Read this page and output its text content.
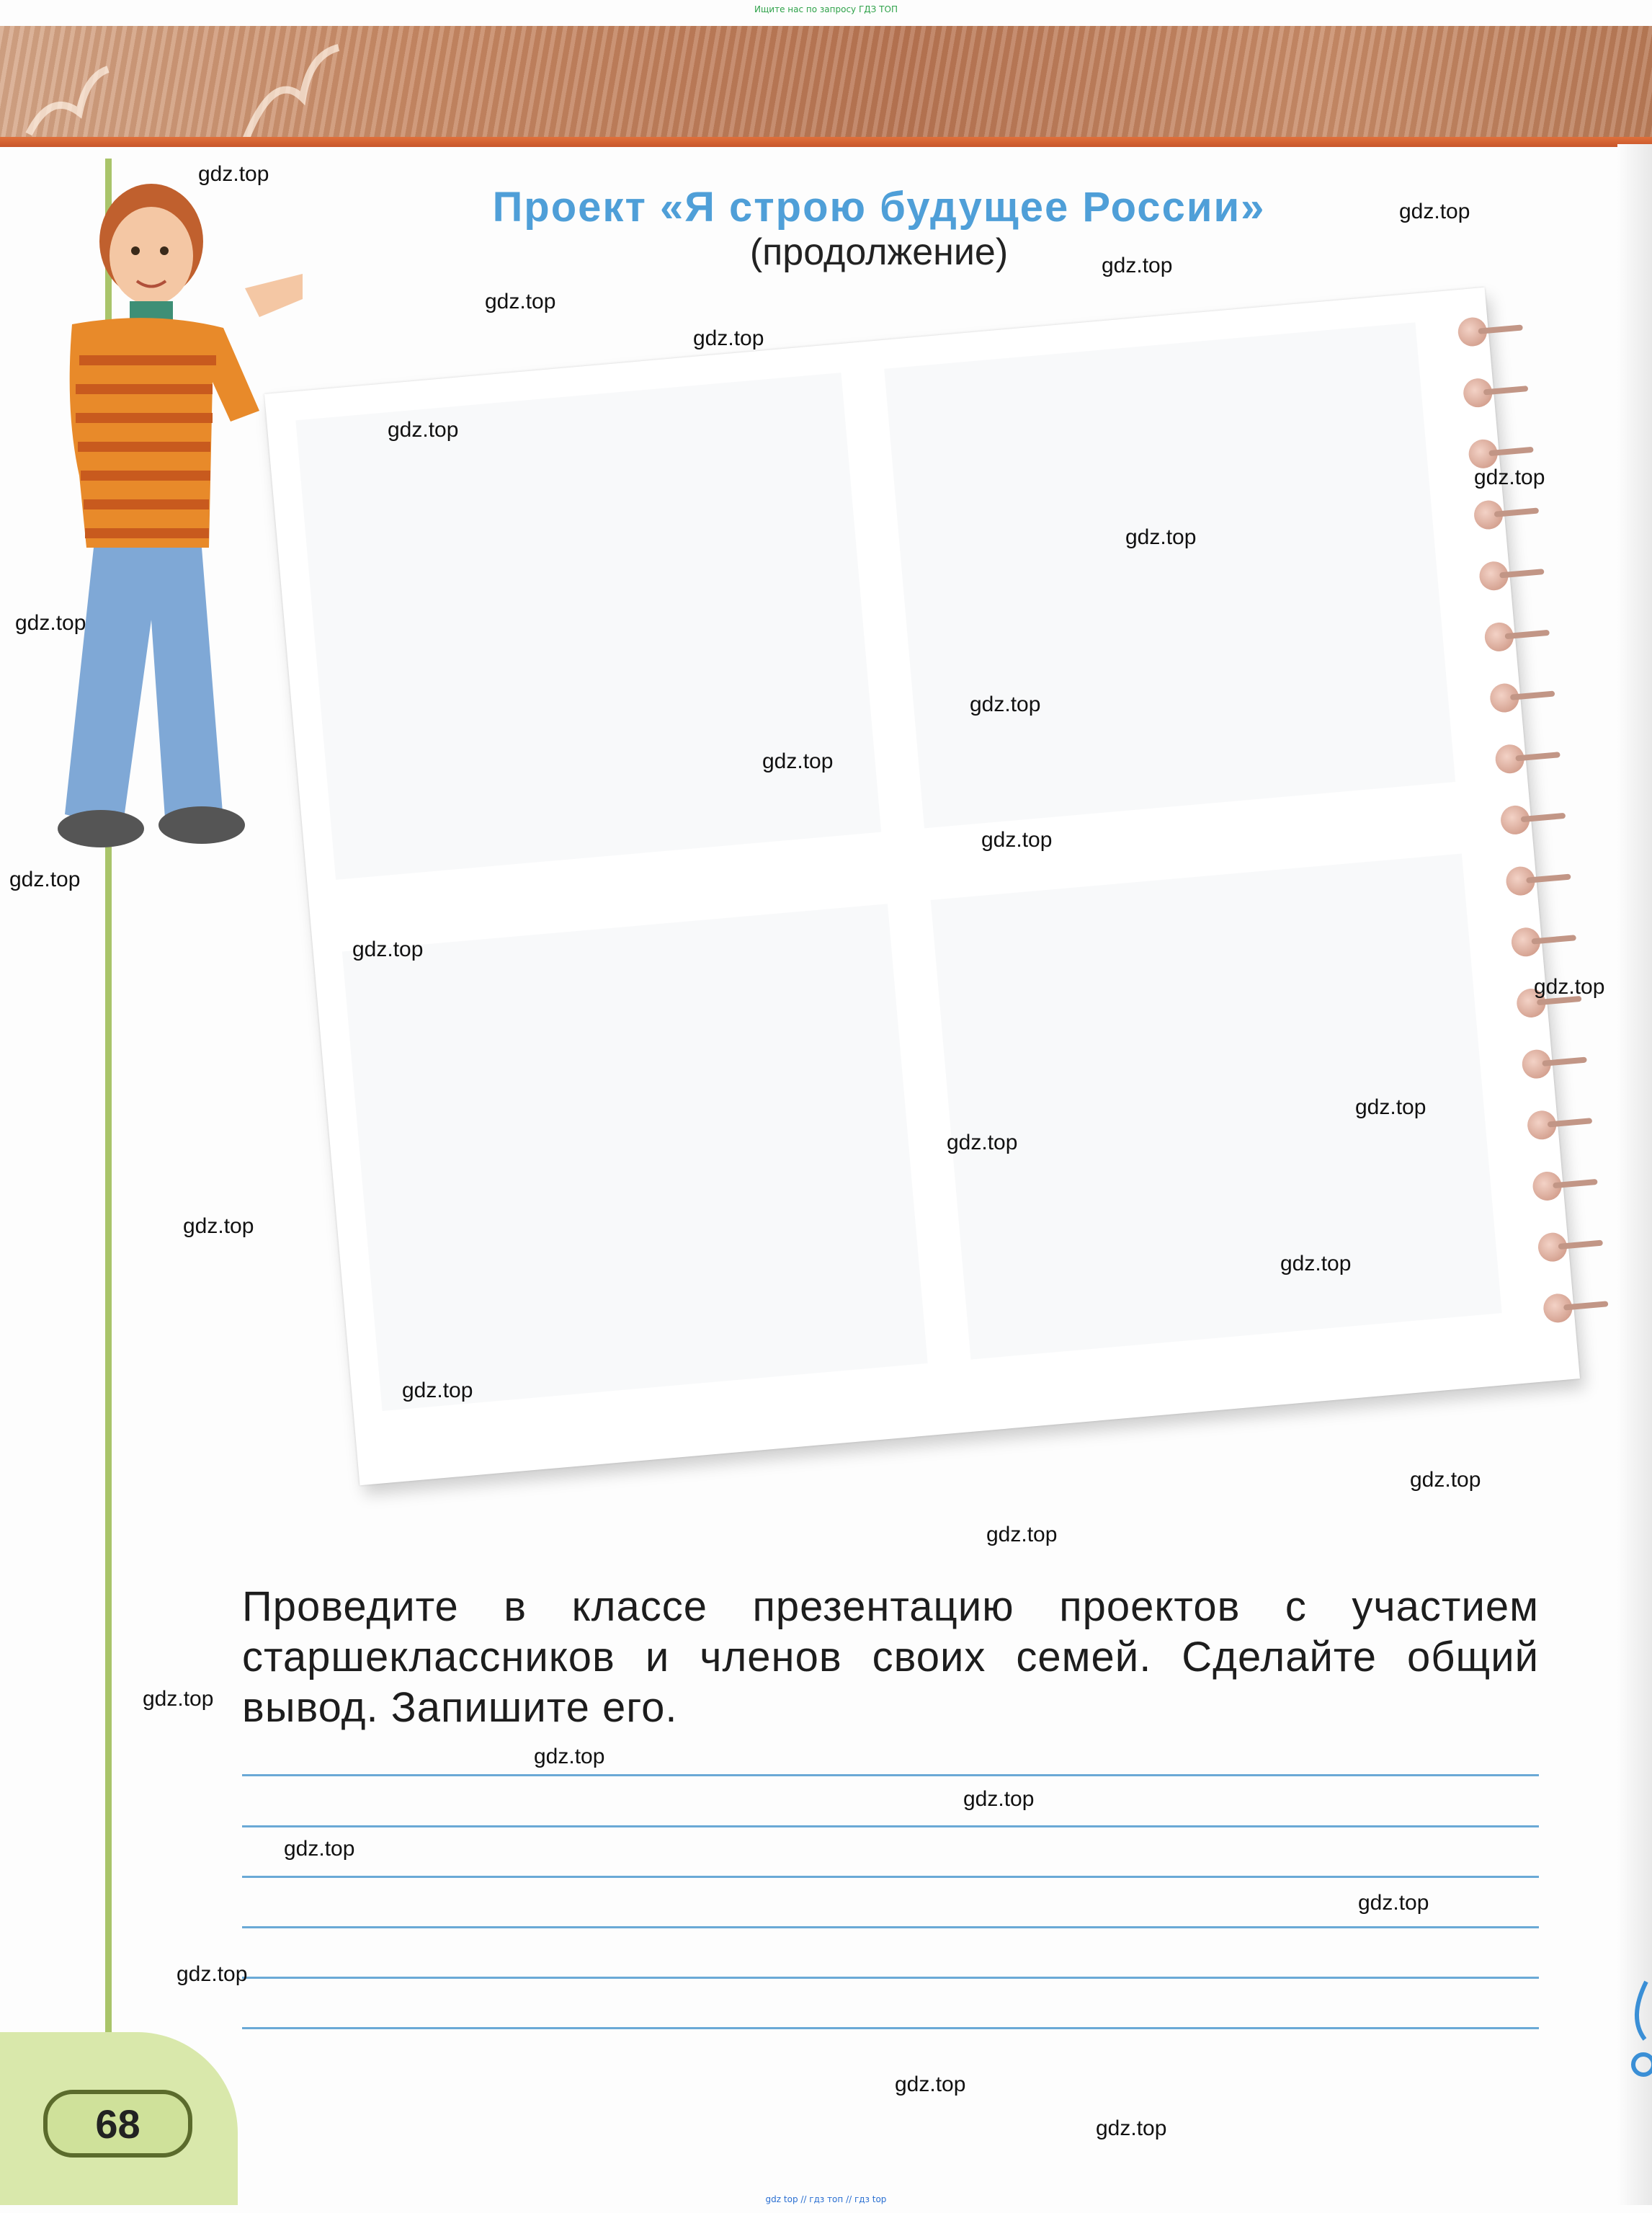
Ищите нас по запросу ГДЗ ТОП
Проект «Я строю будущее России»
(продолжение)
Проведите в классе презентацию проектов с участием старшеклассников и членов своих семей. Сделайте общий вывод. Запишите его.
68
gdz.top
gdz.top
gdz.top
gdz.top
gdz.top
gdz.top
gdz.top
gdz.top
gdz.top
gdz.top
gdz.top
gdz.top
gdz.top
gdz.top
gdz.top
gdz.top
gdz.top
gdz.top
gdz.top
gdz.top
gdz.top
gdz.top
gdz.top
gdz.top
gdz.top
gdz.top
gdz.top
gdz.top
gdz.top
gdz.top
gdz top // гдз топ // гдз top
